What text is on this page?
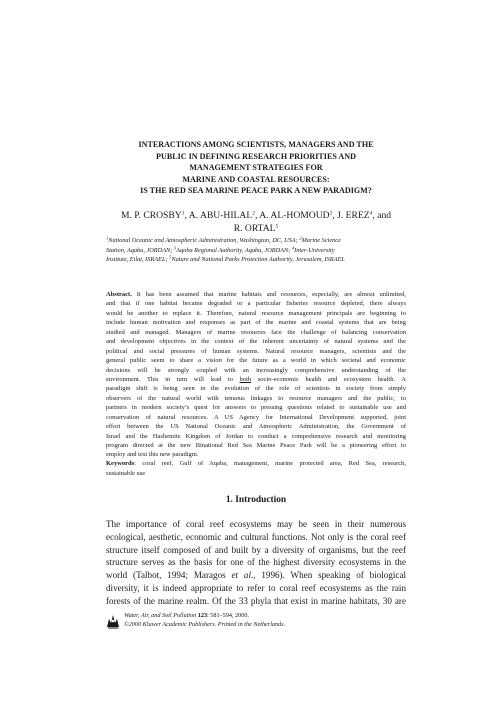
INTERACTIONS AMONG SCIENTISTS, MANAGERS AND THE
PUBLIC IN DEFINING RESEARCH PRIORITIES AND
MANAGEMENT STRATEGIES FOR
MARINE AND COASTAL RESOURCES:
IS THE RED SEA MARINE PEACE PARK A NEW PARADIGM?
M. P. CROSBY$^1$, A. ABU-HILAL$^2$, A. AL-HOMOUD$^3$, J. EREZ$^4$, and
R. ORTAL$^5$
$^1$National Oceanic and Atmospheric Administration, Washington, DC, USA; $^2$Marine Science
Station, Aqaba, JORDAN; $^3$Aqaba Regional Authority, Aqaba, JORDAN; $^4$Inter-University
Institute, Eilat, ISRAEL; $^5$Nature and National Parks Protection Authority, Jerusalem, ISRAEL
Abstract. It has been assumed that marine habitats and resources, especially, are almost unlimited,
and that if one habitat became degraded or a particular fisheries resource depleted, there always
would be another to replace it. Therefore, natural resource management principals are beginning to
include human motivation and responses as part of the marine and coastal systems that are being
studied and managed. Managers of marine resources face the challenge of balancing conservation
and development objectives in the context of the inherent uncertainty of natural systems and the
political and social pressures of human systems. Natural resource managers, scientists and the
general public seem to share a vision for the future as a world in which societal and economic
decisions will be strongly coupled with an increasingly comprehensive understanding of the
environment. This in turn will lead to both socio-economic health and ecosystem health. A
paradigm shift is being seen in the evolution of the role of scientists in society from simply
observers of the natural world with tenuous linkages to resource managers and the public, to
partners in modern society’s quest for answers to pressing questions related to sustainable use and
conservation of natural resources. A US Agency for International Development supported, joint
effort between the US National Oceanic and Atmospheric Administration, the Government of
Israel and the Hashemite Kingdom of Jordan to conduct a comprehensive research and monitoring
program directed at the new Binational Red Sea Marine Peace Park will be a pioneering effort to
employ and test this new paradigm.
Keywords: coral reef, Gulf of Aqaba, management, marine protected area, Red Sea, research,
sustainable use
1. Introduction
The importance of coral reef ecosystems may be seen in their numerous
ecological, aesthetic, economic and cultural functions. Not only is the coral reef
structure itself composed of and built by a diversity of organisms, but the reef
structure serves as the basis for one of the highest diversity ecosystems in the
world (Talbot, 1994; Maragos et al., 1996). When speaking of biological
diversity, it is indeed appropriate to refer to coral reef ecosystems as the rain
forests of the marine realm. Of the 33 phyla that exist in marine habitats, 30 are
Water, Air, and Soil Pollution 123: 581–594, 2000.
©2000 Kluwer Academic Publishers. Printed in the Netherlands.
